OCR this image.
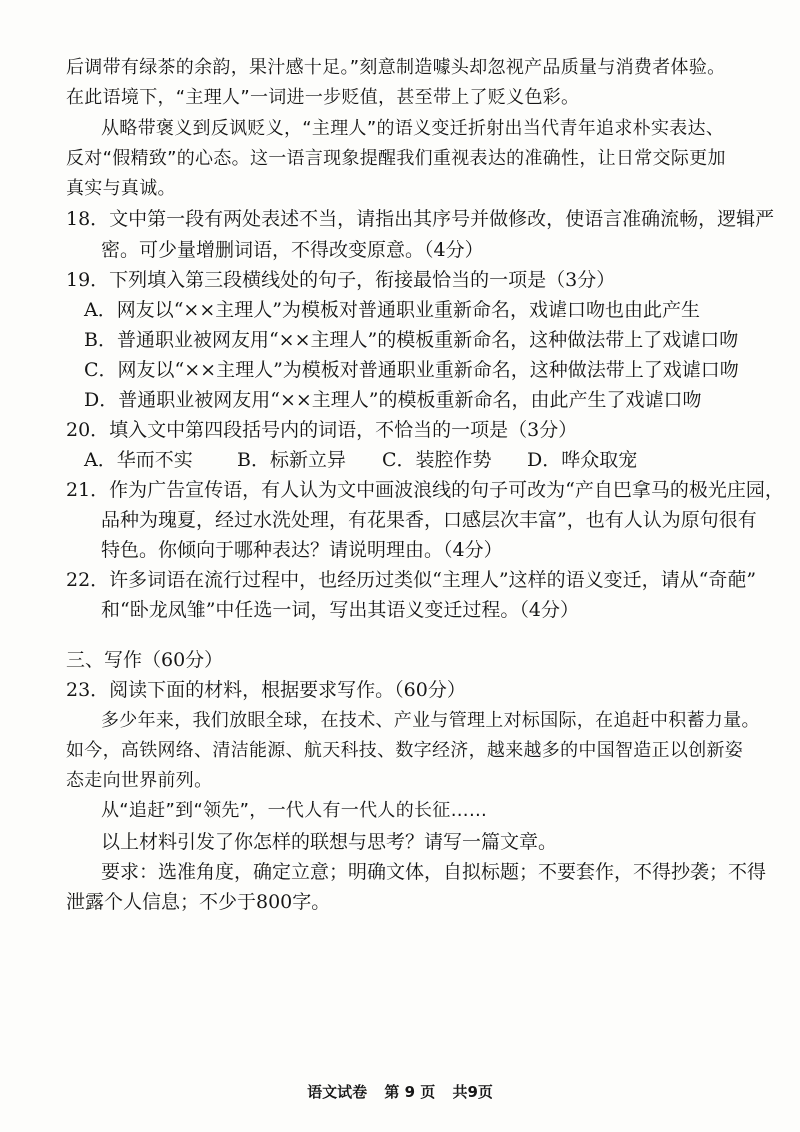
后调带有绿茶的余韵，果汁感十足。”刻意制造噱头却忽视产品质量与消费者体验。
在此语境下，“主理人”一词进一步贬值，甚至带上了贬义色彩。
从略带褒义到反讽贬义，“主理人”的语义变迁折射出当代青年追求朴实表达、
反对“假精致”的心态。这一语言现象提醒我们重视表达的准确性，让日常交际更加
真实与真诚。
18．文中第一段有两处表述不当，请指出其序号并做修改，使语言准确流畅，逻辑严
密。可少量增删词语，不得改变原意。（4分）
19．下列填入第三段横线处的句子，衔接最恰当的一项是（3分）
A．网友以“××主理人”为模板对普通职业重新命名，戏谑口吻也由此产生
B．普通职业被网友用“××主理人”的模板重新命名，这种做法带上了戏谑口吻
C．网友以“××主理人”为模板对普通职业重新命名，这种做法带上了戏谑口吻
D．普通职业被网友用“××主理人”的模板重新命名，由此产生了戏谑口吻
20．填入文中第四段括号内的词语，不恰当的一项是（3分）
A．华而不实	B．标新立异	C．装腔作势	D．哗众取宠
21．作为广告宣传语，有人认为文中画波浪线的句子可改为“产自巴拿马的极光庄园，
品种为瑰夏，经过水洗处理，有花果香，口感层次丰富”，也有人认为原句很有
特色。你倾向于哪种表达？请说明理由。（4分）
22．许多词语在流行过程中，也经历过类似“主理人”这样的语义变迁，请从“奇葩”
和“卧龙凤雏”中任选一词，写出其语义变迁过程。（4分）
三、写作（60分）
23．阅读下面的材料，根据要求写作。（60分）
多少年来，我们放眼全球，在技术、产业与管理上对标国际，在追赶中积蓄力量。
如今，高铁网络、清洁能源、航天科技、数字经济，越来越多的中国智造正以创新姿
态走向世界前列。
从“追赶”到“领先”，一代人有一代人的长征……
以上材料引发了你怎样的联想与思考？请写一篇文章。
要求：选准角度，确定立意；明确文体，自拟标题；不要套作，不得抄袭；不得
泄露个人信息；不少于800字。
语文试卷 第 9 页 共9页
